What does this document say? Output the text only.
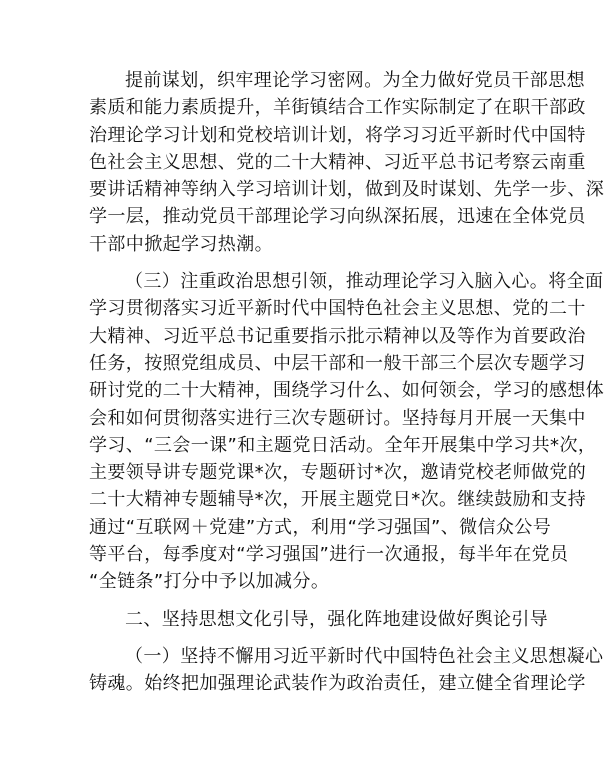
提前谋划，织牢理论学习密网。为全力做好党员干部思想
素质和能力素质提升，羊街镇结合工作实际制定了在职干部政
治理论学习计划和党校培训计划，将学习习近平新时代中国特
色社会主义思想、党的二十大精神、习近平总书记考察云南重
要讲话精神等纳入学习培训计划，做到及时谋划、先学一步、深
学一层，推动党员干部理论学习向纵深拓展，迅速在全体党员
干部中掀起学习热潮。

（三）注重政治思想引领，推动理论学习入脑入心。将全面
学习贯彻落实习近平新时代中国特色社会主义思想、党的二十
大精神、习近平总书记重要指示批示精神以及等作为首要政治
任务，按照党组成员、中层干部和一般干部三个层次专题学习
研讨党的二十大精神，围绕学习什么、如何领会，学习的感想体
会和如何贯彻落实进行三次专题研讨。坚持每月开展一天集中
学习、“三会一课”和主题党日活动。全年开展集中学习共*次，
主要领导讲专题党课*次，专题研讨*次，邀请党校老师做党的
二十大精神专题辅导*次，开展主题党日*次。继续鼓励和支持
通过“互联网＋党建”方式，利用“学习强国”、微信众公号
等平台，每季度对“学习强国”进行一次通报，每半年在党员
“全链条”打分中予以加减分。

二、坚持思想文化引导，强化阵地建设做好舆论引导

（一）坚持不懈用习近平新时代中国特色社会主义思想凝心
铸魂。始终把加强理论武装作为政治责任，建立健全省理论学
